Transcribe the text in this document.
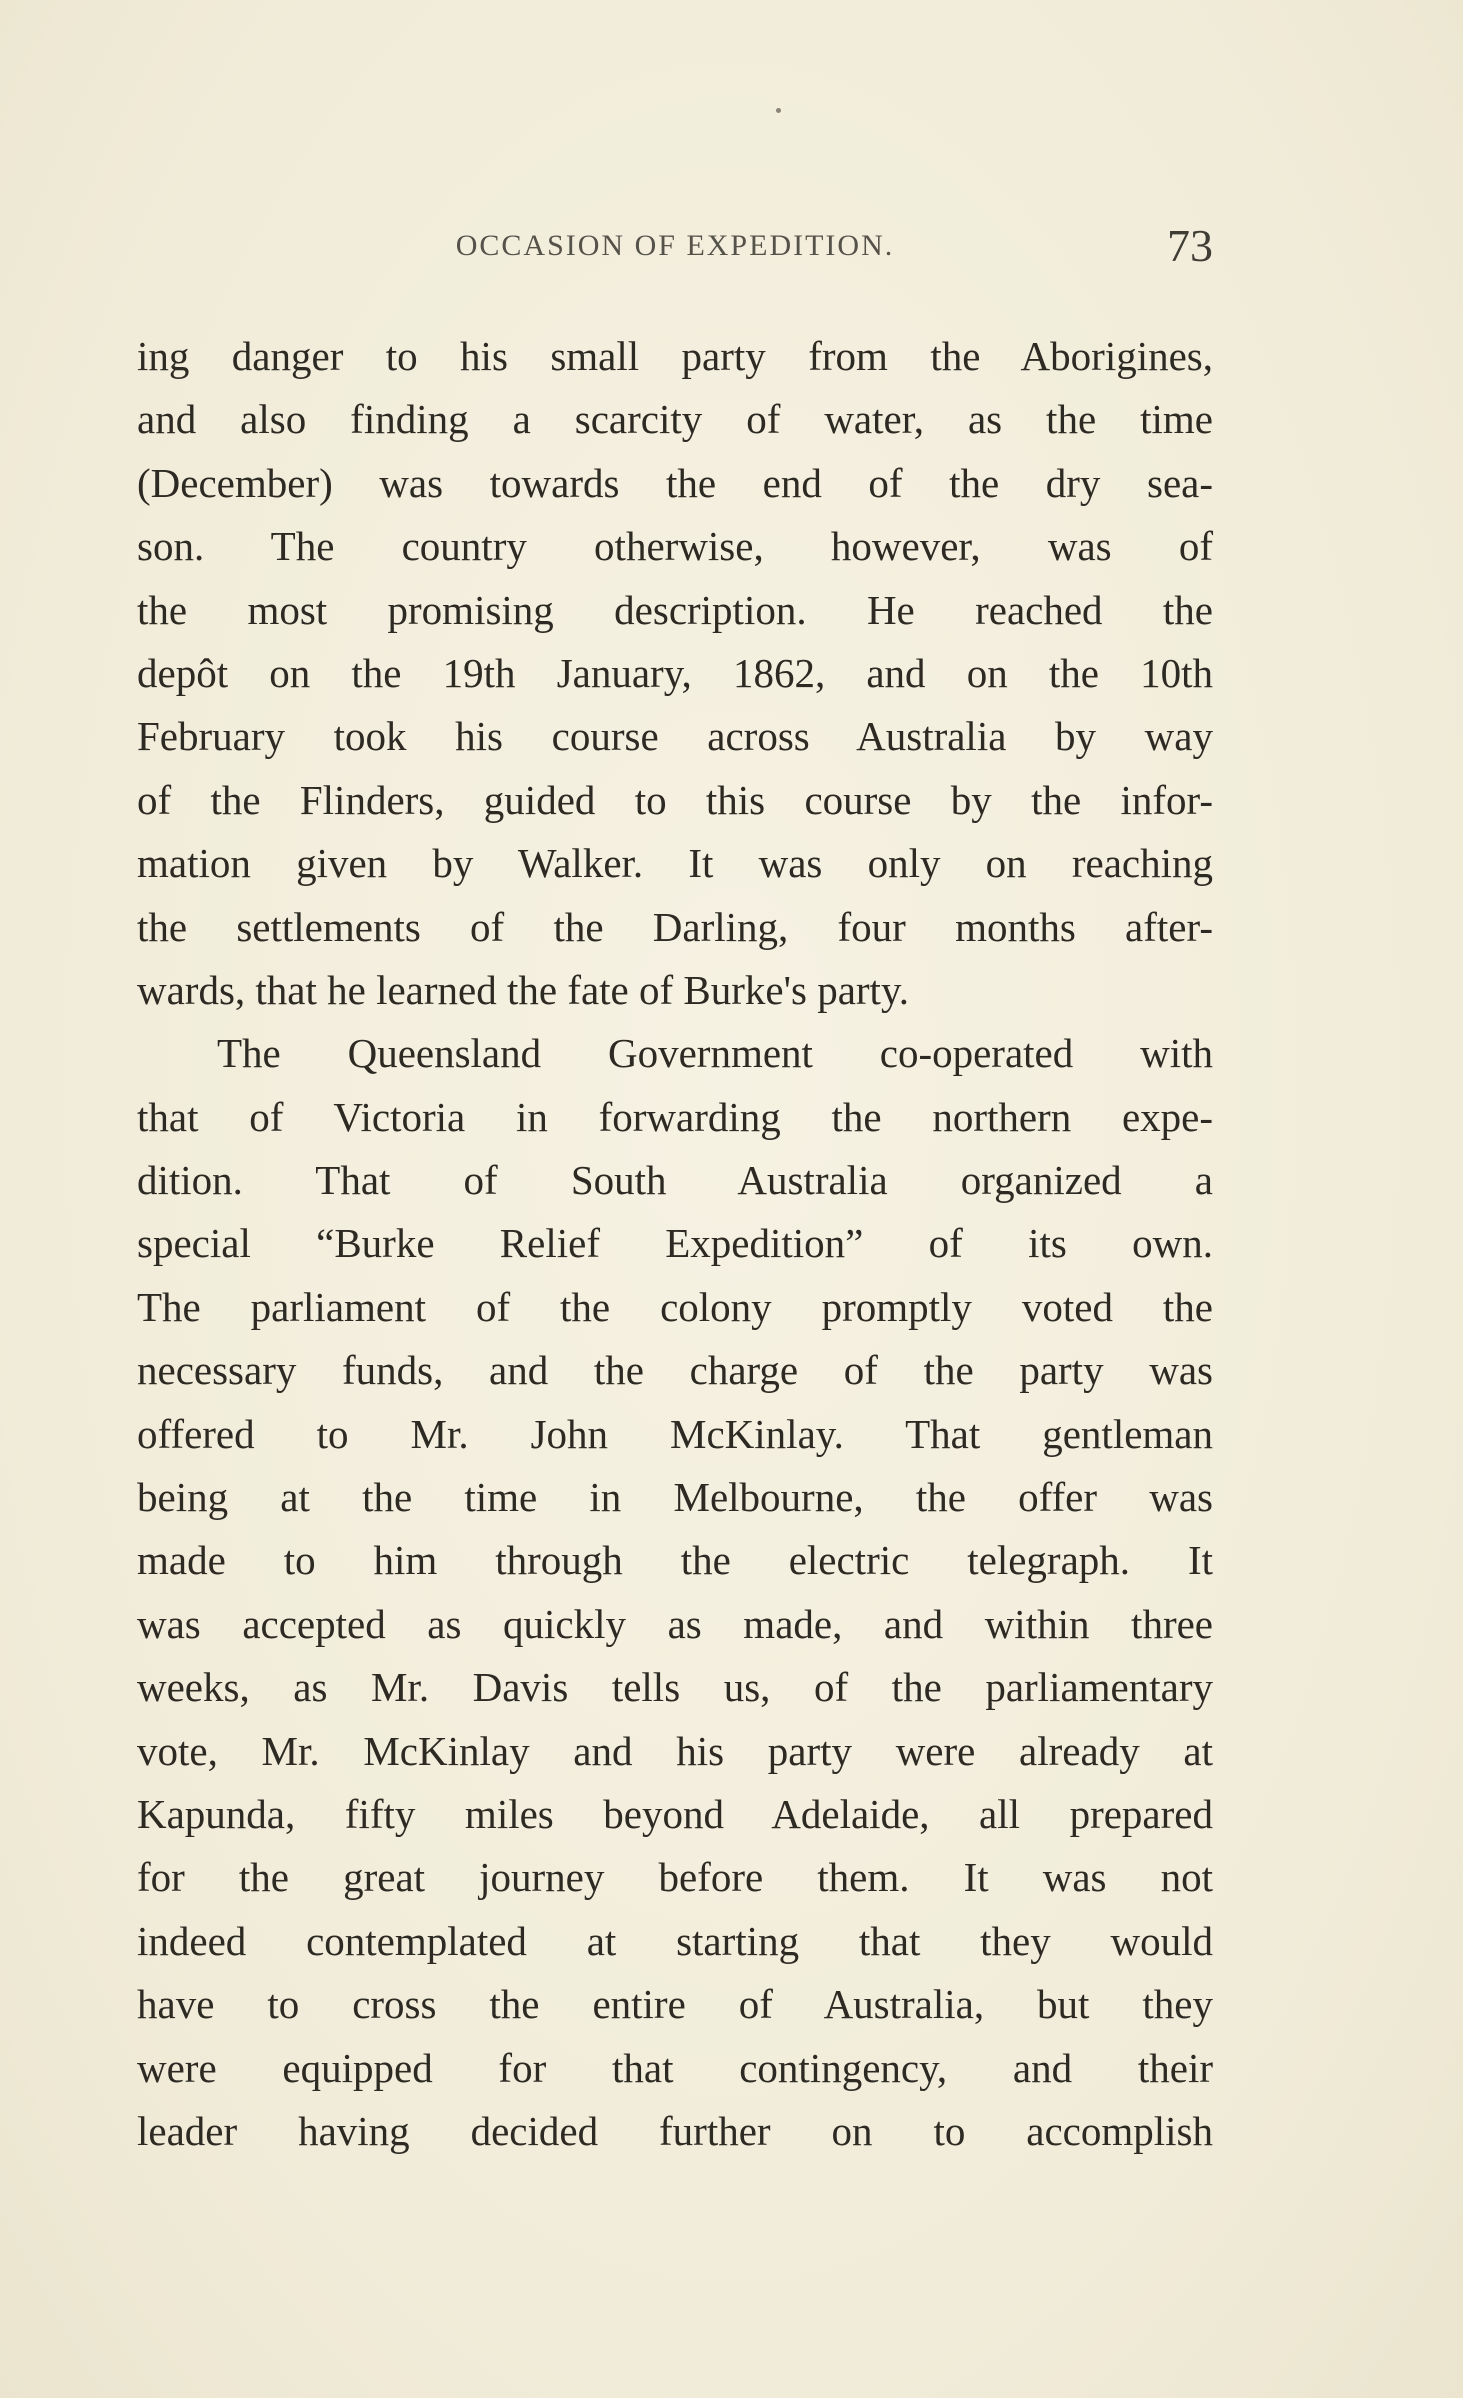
OCCASION OF EXPEDITION.	73
ing danger to his small party from the Aborigines,
and also finding a scarcity of water, as the time
(December) was towards the end of the dry sea-
son. The country otherwise, however, was of
the most promising description. He reached the
depôt on the 19th January, 1862, and on the 10th
February took his course across Australia by way
of the Flinders, guided to this course by the infor-
mation given by Walker. It was only on reaching
the settlements of the Darling, four months after-
wards, that he learned the fate of Burke's party.
The Queensland Government co-operated with
that of Victoria in forwarding the northern expe-
dition. That of South Australia organized a
special “Burke Relief Expedition” of its own.
The parliament of the colony promptly voted the
necessary funds, and the charge of the party was
offered to Mr. John McKinlay. That gentleman
being at the time in Melbourne, the offer was
made to him through the electric telegraph. It
was accepted as quickly as made, and within three
weeks, as Mr. Davis tells us, of the parliamentary
vote, Mr. McKinlay and his party were already at
Kapunda, fifty miles beyond Adelaide, all prepared
for the great journey before them. It was not
indeed contemplated at starting that they would
have to cross the entire of Australia, but they
were equipped for that contingency, and their
leader having decided further on to accomplish
